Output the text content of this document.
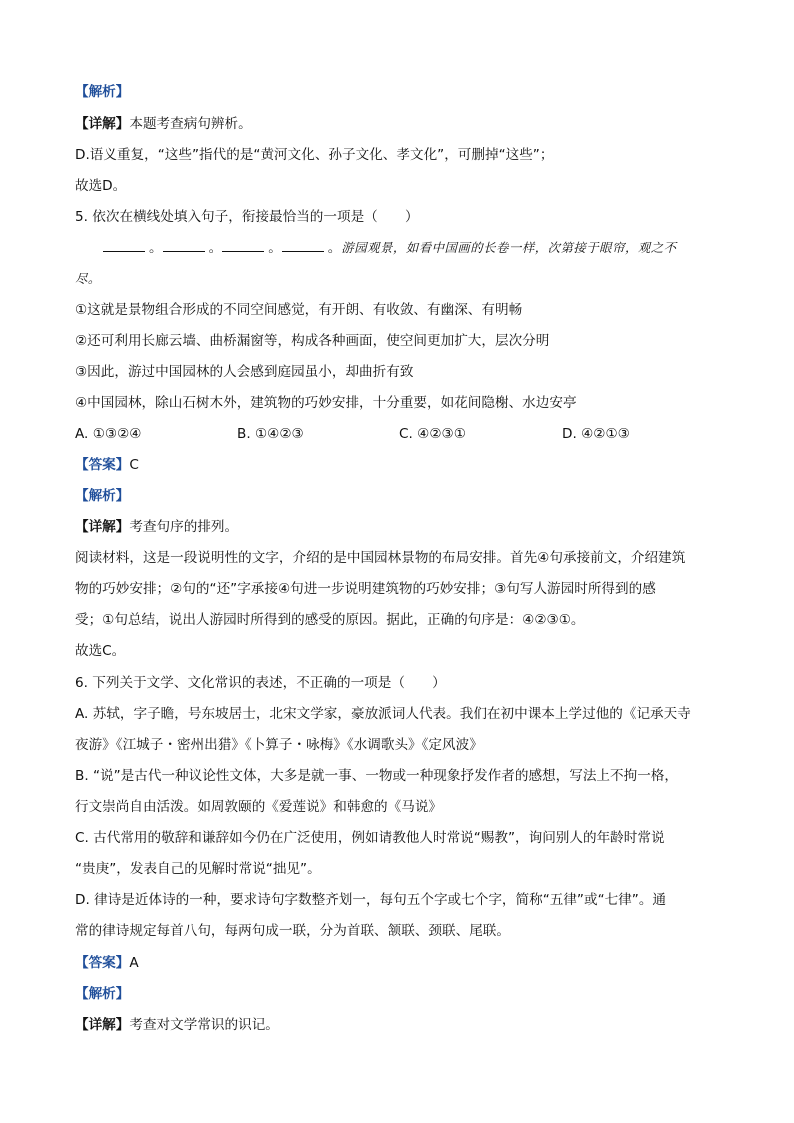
【解析】
【详解】本题考查病句辨析。
D.语义重复，“这些”指代的是“黄河文化、孙子文化、孝文化”，可删掉“这些”；
故选D。
5. 依次在横线处填入句子，衔接最恰当的一项是（　　）
。	。	。	。游园观景，如看中国画的长卷一样，次第接于眼帘，观之不
尽。
①这就是景物组合形成的不同空间感觉，有开朗、有收敛、有幽深、有明畅
②还可利用长廊云墙、曲桥漏窗等，构成各种画面，使空间更加扩大，层次分明
③因此，游过中国园林的人会感到庭园虽小，却曲折有致
④中国园林，除山石树木外，建筑物的巧妙安排，十分重要，如花间隐榭、水边安亭
A. ①③②④	B. ①④②③	C. ④②③①	D. ④②①③
【答案】C
【解析】
【详解】考查句序的排列。
阅读材料，这是一段说明性的文字，介绍的是中国园林景物的布局安排。首先④句承接前文，介绍建筑
物的巧妙安排；②句的“还”字承接④句进一步说明建筑物的巧妙安排；③句写人游园时所得到的感
受；①句总结，说出人游园时所得到的感受的原因。据此，正确的句序是：④②③①。
故选C。
6. 下列关于文学、文化常识的表述，不正确的一项是（　　）
A. 苏轼，字子瞻，号东坡居士，北宋文学家，豪放派词人代表。我们在初中课本上学过他的《记承天寺
夜游》《江城子・密州出猎》《卜算子・咏梅》《水调歌头》《定风波》
B. “说”是古代一种议论性文体，大多是就一事、一物或一种现象抒发作者的感想，写法上不拘一格，
行文崇尚自由活泼。如周敦颐的《爱莲说》和韩愈的《马说》
C. 古代常用的敬辞和谦辞如今仍在广泛使用，例如请教他人时常说“赐教”，询问别人的年龄时常说
“贵庚”，发表自己的见解时常说“拙见”。
D. 律诗是近体诗的一种，要求诗句字数整齐划一，每句五个字或七个字，简称“五律”或“七律”。通
常的律诗规定每首八句，每两句成一联，分为首联、颔联、颈联、尾联。
【答案】A
【解析】
【详解】考查对文学常识的识记。
